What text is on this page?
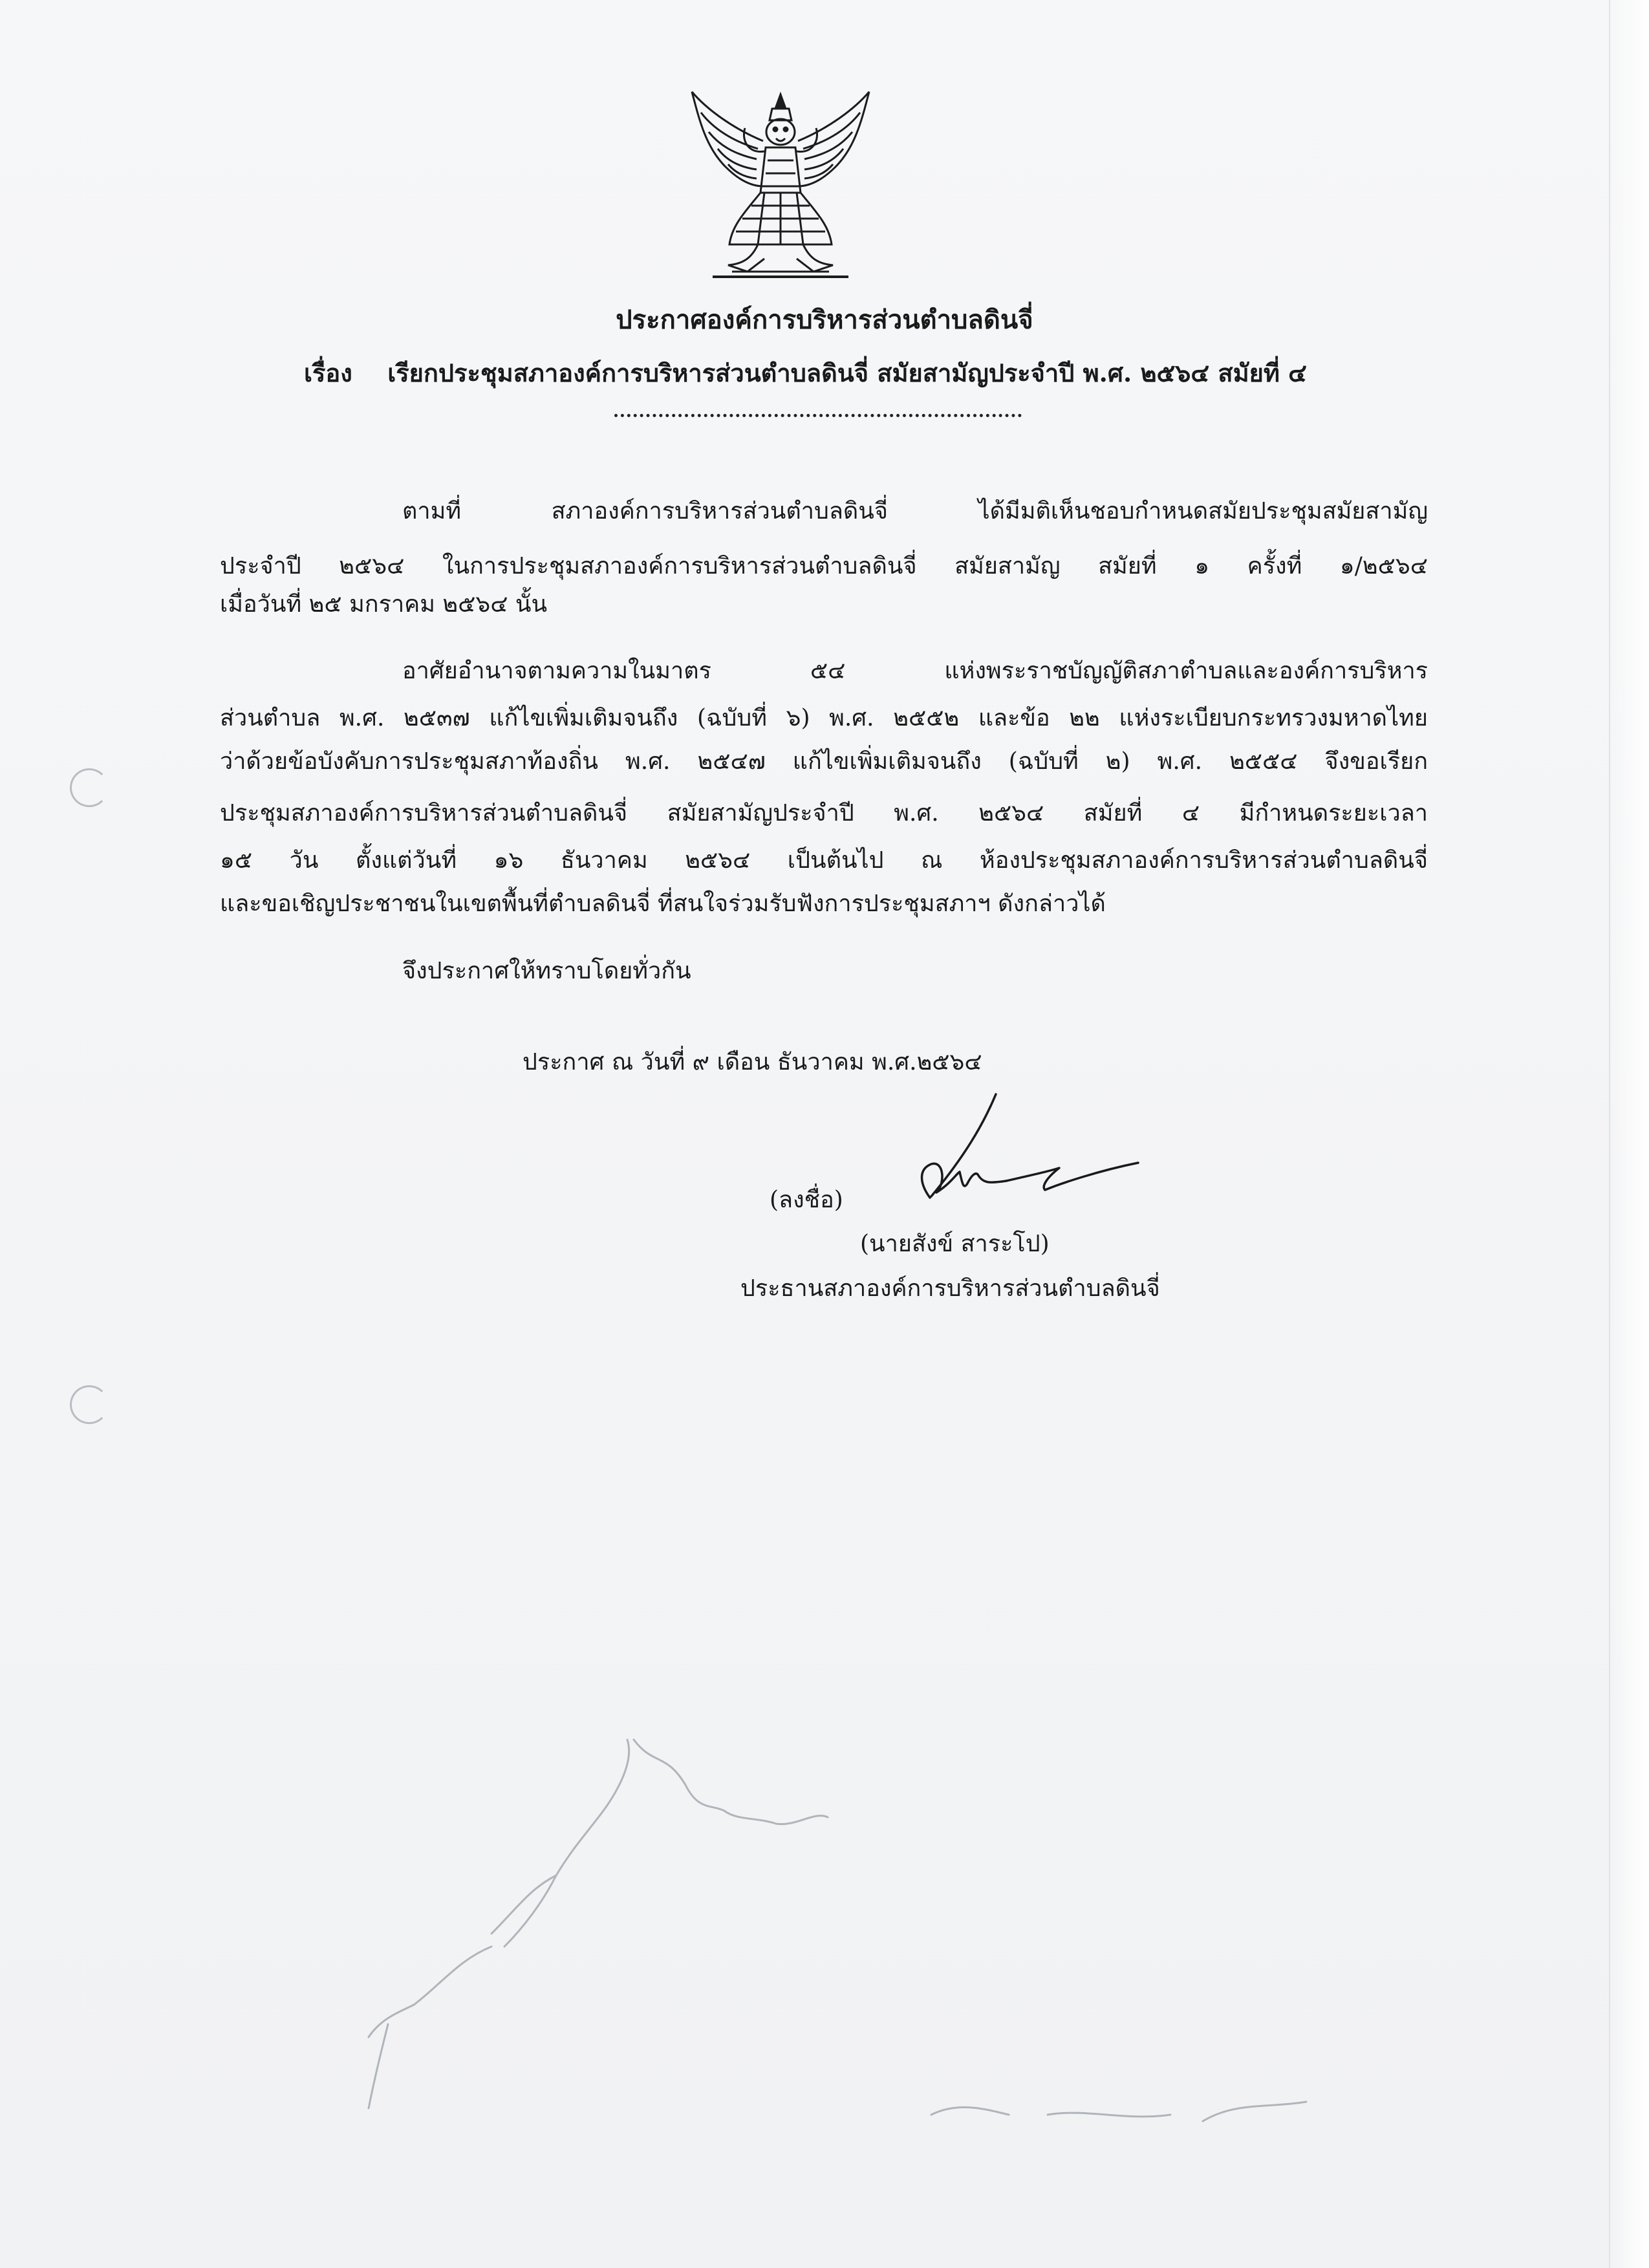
ประกาศองค์การบริหารส่วนตำบลดินจี่
เรื่อง เรียกประชุมสภาองค์การบริหารส่วนตำบลดินจี่ สมัยสามัญประจำปี พ.ศ. ๒๕๖๔ สมัยที่ ๔
ตามที่ สภาองค์การบริหารส่วนตำบลดินจี่ ได้มีมติเห็นชอบกำหนดสมัยประชุมสมัยสามัญ
ประจำปี ๒๕๖๔ ในการประชุมสภาองค์การบริหารส่วนตำบลดินจี่ สมัยสามัญ สมัยที่ ๑ ครั้งที่ ๑/๒๕๖๔
เมื่อวันที่ ๒๕ มกราคม ๒๕๖๔ นั้น
อาศัยอำนาจตามความในมาตร ๕๔ แห่งพระราชบัญญัติสภาตำบลและองค์การบริหาร
ส่วนตำบล พ.ศ. ๒๕๓๗ แก้ไขเพิ่มเติมจนถึง (ฉบับที่ ๖) พ.ศ. ๒๕๕๒ และข้อ ๒๒ แห่งระเบียบกระทรวงมหาดไทย
ว่าด้วยข้อบังคับการประชุมสภาท้องถิ่น พ.ศ. ๒๕๔๗ แก้ไขเพิ่มเติมจนถึง (ฉบับที่ ๒) พ.ศ. ๒๕๕๔ จึงขอเรียก
ประชุมสภาองค์การบริหารส่วนตำบลดินจี่ สมัยสามัญประจำปี พ.ศ. ๒๕๖๔ สมัยที่ ๔ มีกำหนดระยะเวลา
๑๕ วัน ตั้งแต่วันที่ ๑๖ ธันวาคม ๒๕๖๔ เป็นต้นไป ณ ห้องประชุมสภาองค์การบริหารส่วนตำบลดินจี่
และขอเชิญประชาชนในเขตพื้นที่ตำบลดินจี่ ที่สนใจร่วมรับฟังการประชุมสภาฯ ดังกล่าวได้
จึงประกาศให้ทราบโดยทั่วกัน
ประกาศ ณ วันที่ ๙ เดือน ธันวาคม พ.ศ.๒๕๖๔
(ลงชื่อ)
(นายสังข์ สาระโป)
ประธานสภาองค์การบริหารส่วนตำบลดินจี่
